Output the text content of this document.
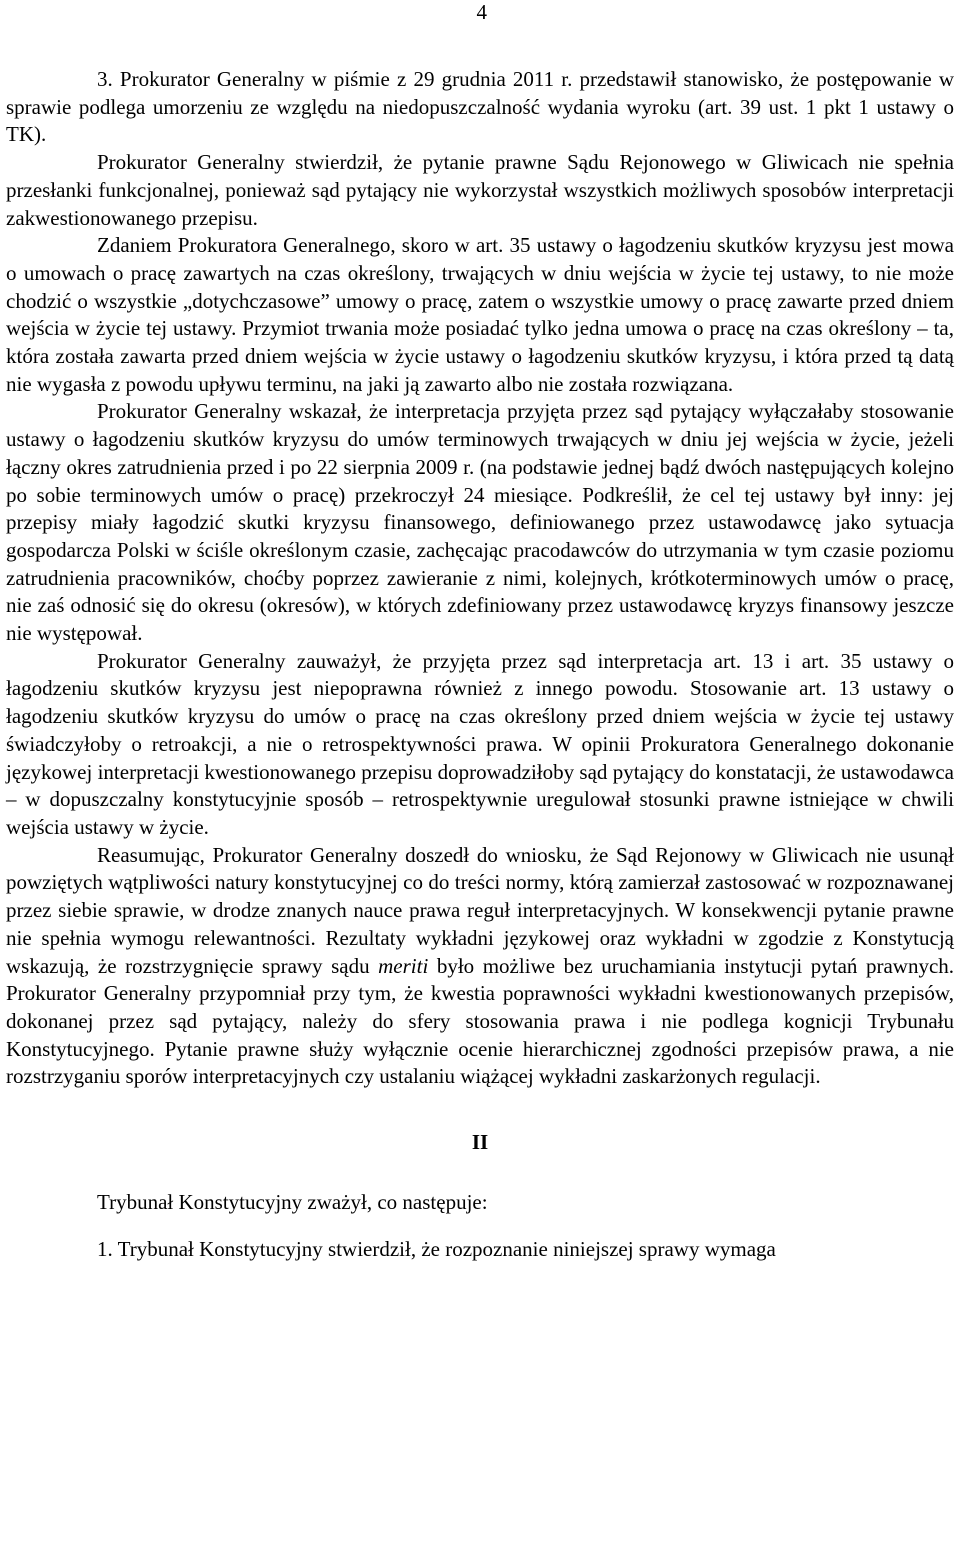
4

3. Prokurator Generalny w piśmie z 29 grudnia 2011 r. przedstawił stanowisko, że postępowanie w sprawie podlega umorzeniu ze względu na niedopuszczalność wydania wyroku (art. 39 ust. 1 pkt 1 ustawy o TK).

Prokurator Generalny stwierdził, że pytanie prawne Sądu Rejonowego w Gliwicach nie spełnia przesłanki funkcjonalnej, ponieważ sąd pytający nie wykorzystał wszystkich możliwych sposobów interpretacji zakwestionowanego przepisu.

Zdaniem Prokuratora Generalnego, skoro w art. 35 ustawy o łagodzeniu skutków kryzysu jest mowa o umowach o pracę zawartych na czas określony, trwających w dniu wejścia w życie tej ustawy, to nie może chodzić o wszystkie „dotychczasowe” umowy o pracę, zatem o wszystkie umowy o pracę zawarte przed dniem wejścia w życie tej ustawy. Przymiot trwania może posiadać tylko jedna umowa o pracę na czas określony – ta, która została zawarta przed dniem wejścia w życie ustawy o łagodzeniu skutków kryzysu, i która przed tą datą nie wygasła z powodu upływu terminu, na jaki ją zawarto albo nie została rozwiązana.

Prokurator Generalny wskazał, że interpretacja przyjęta przez sąd pytający wyłączałaby stosowanie ustawy o łagodzeniu skutków kryzysu do umów terminowych trwających w dniu jej wejścia w życie, jeżeli łączny okres zatrudnienia przed i po 22 sierpnia 2009 r. (na podstawie jednej bądź dwóch następujących kolejno po sobie terminowych umów o pracę) przekroczył 24 miesiące. Podkreślił, że cel tej ustawy był inny: jej przepisy miały łagodzić skutki kryzysu finansowego, definiowanego przez ustawodawcę jako sytuacja gospodarcza Polski w ściśle określonym czasie, zachęcając pracodawców do utrzymania w tym czasie poziomu zatrudnienia pracowników, choćby poprzez zawieranie z nimi, kolejnych, krótkoterminowych umów o pracę, nie zaś odnosić się do okresu (okresów), w których zdefiniowany przez ustawodawcę kryzys finansowy jeszcze nie występował.

Prokurator Generalny zauważył, że przyjęta przez sąd interpretacja art. 13 i art. 35 ustawy o łagodzeniu skutków kryzysu jest niepoprawna również z innego powodu. Stosowanie art. 13 ustawy o łagodzeniu skutków kryzysu do umów o pracę na czas określony przed dniem wejścia w życie tej ustawy świadczyłoby o retroakcji, a nie o retrospektywności prawa. W opinii Prokuratora Generalnego dokonanie językowej interpretacji kwestionowanego przepisu doprowadziłoby sąd pytający do konstatacji, że ustawodawca – w dopuszczalny konstytucyjnie sposób – retrospektywnie uregulował stosunki prawne istniejące w chwili wejścia ustawy w życie.

Reasumując, Prokurator Generalny doszedł do wniosku, że Sąd Rejonowy w Gliwicach nie usunął powziętych wątpliwości natury konstytucyjnej co do treści normy, którą zamierzał zastosować w rozpoznawanej przez siebie sprawie, w drodze znanych nauce prawa reguł interpretacyjnych. W konsekwencji pytanie prawne nie spełnia wymogu relewantności. Rezultaty wykładni językowej oraz wykładni w zgodzie z Konstytucją wskazują, że rozstrzygnięcie sprawy sądu meriti było możliwe bez uruchamiania instytucji pytań prawnych. Prokurator Generalny przypomniał przy tym, że kwestia poprawności wykładni kwestionowanych przepisów, dokonanej przez sąd pytający, należy do sfery stosowania prawa i nie podlega kognicji Trybunału Konstytucyjnego. Pytanie prawne służy wyłącznie ocenie hierarchicznej zgodności przepisów prawa, a nie rozstrzyganiu sporów interpretacyjnych czy ustalaniu wiążącej wykładni zaskarżonych regulacji.

II

Trybunał Konstytucyjny zważył, co następuje:

1. Trybunał Konstytucyjny stwierdził, że rozpoznanie niniejszej sprawy wymaga
